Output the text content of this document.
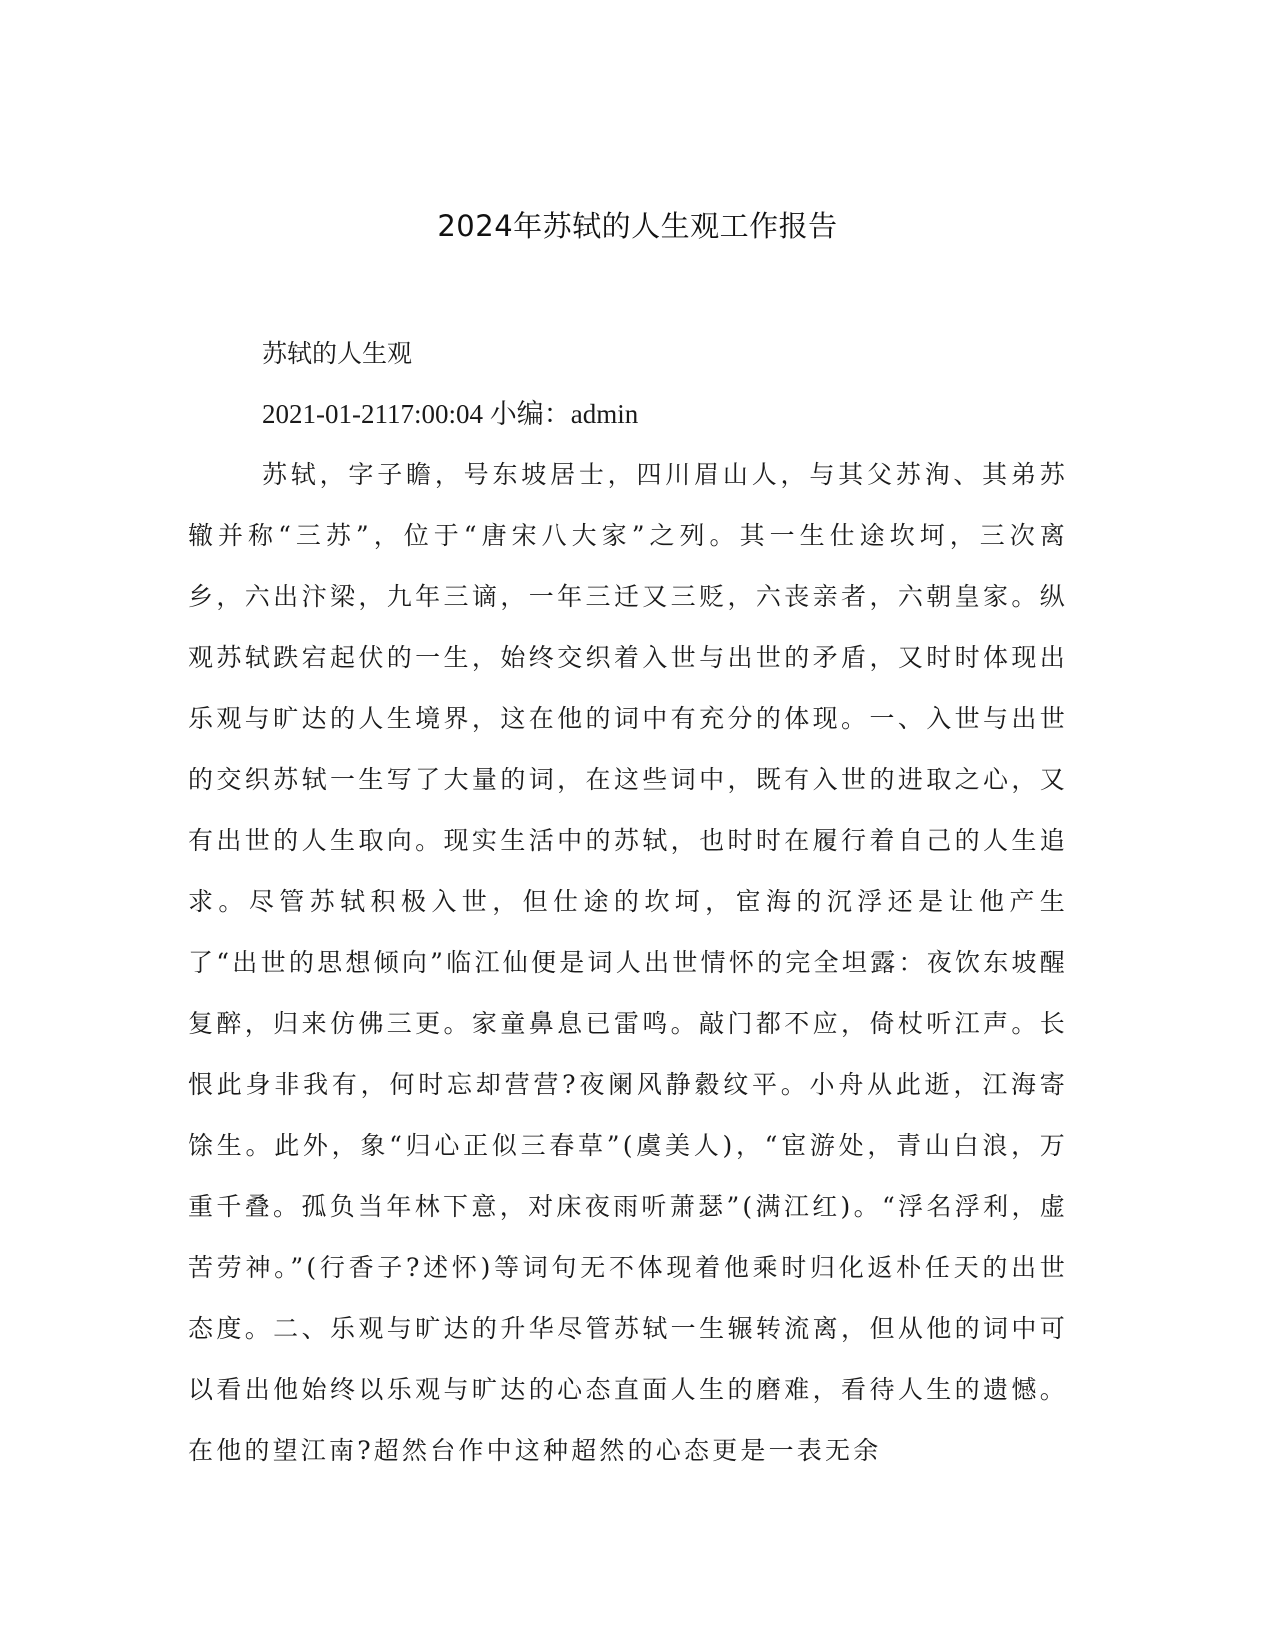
2024年苏轼的人生观工作报告
苏轼的人生观
2021-01-2117:00:04 小编：admin

苏轼，字子瞻，号东坡居士，四川眉山人，与其父苏洵、其弟苏辙并称“三苏”，位于“唐宋八大家”之列。其一生仕途坎坷，三次离乡，六出汴梁，九年三谪，一年三迁又三贬，六丧亲者，六朝皇家。纵观苏轼跌宕起伏的一生，始终交织着入世与出世的矛盾，又时时体现出乐观与旷达的人生境界，这在他的词中有充分的体现。一、入世与出世的交织苏轼一生写了大量的词，在这些词中，既有入世的进取之心，又有出世的人生取向。现实生活中的苏轼，也时时在履行着自己的人生追求。尽管苏轼积极入世，但仕途的坎坷，宦海的沉浮还是让他产生了“出世的思想倾向”临江仙便是词人出世情怀的完全坦露：夜饮东坡醒复醉，归来仿佛三更。家童鼻息已雷鸣。敲门都不应，倚杖听江声。长恨此身非我有，何时忘却营营?夜阑风静縠纹平。小舟从此逝，江海寄馀生。此外，象“归心正似三春草”(虞美人)，“宦游处，青山白浪，万重千叠。孤负当年林下意，对床夜雨听萧瑟”(满江红)。“浮名浮利，虚苦劳神。”(行香子?述怀)等词句无不体现着他乘时归化返朴任天的出世态度。二、乐观与旷达的升华尽管苏轼一生辗转流离，但从他的词中可以看出他始终以乐观与旷达的心态直面人生的磨难，看待人生的遗憾。在他的望江南?超然台作中这种超然的心态更是一表无余
